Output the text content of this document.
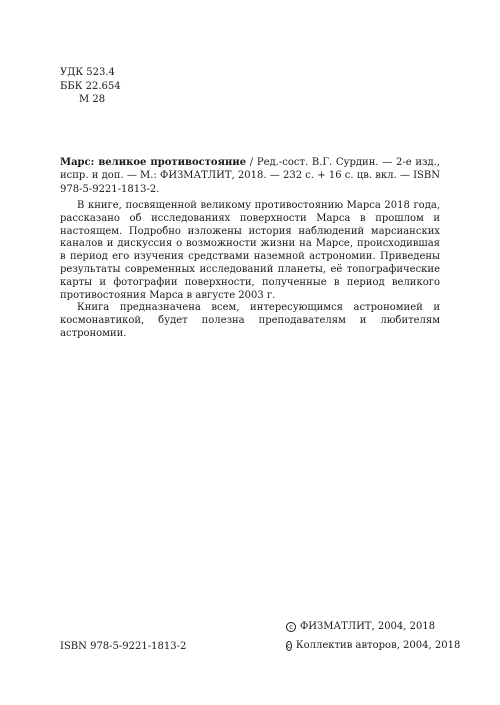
УДК 523.4
ББК 22.654
М 28
Марс: великое противостояние / Ред.-сост. В.Г. Сурдин. — 2-е изд., испр. и доп. — М.: ФИЗМАТЛИТ, 2018. — 232 с. + 16 с. цв. вкл. — ISBN 978-5-9221-1813-2.

В книге, посвященной великому противостоянию Марса 2018 года, рассказано об исследованиях поверхности Марса в прошлом и настоящем. Подробно изложены история наблюдений марсианских каналов и дискуссия о возможности жизни на Марсе, происходившая в период его изучения средствами наземной астрономии. Приведены результаты современных исследований планеты, её топографические карты и фотографии поверхности, полученные в период великого противостояния Марса в августе 2003 г.

Книга предназначена всем, интересующимся астрономией и космонавтикой, будет полезна преподавателям и любителям астрономии.

ISBN 978-5-9221-1813-2
c ФИЗМАТЛИТ, 2004, 2018
c Коллектив авторов, 2004, 2018
